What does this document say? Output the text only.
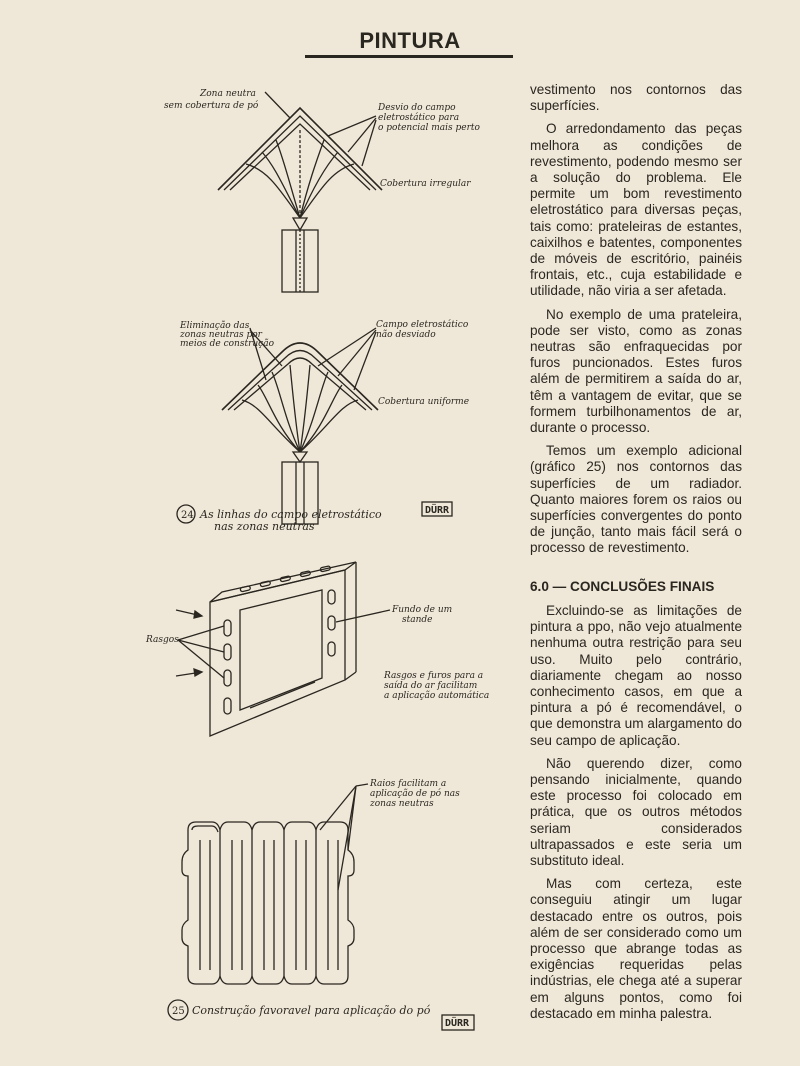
PINTURA
Zona neutra
sem cobertura de pó	Desvio do campo
eletrostático para
o potencial mais perto
Cobertura irregular
Eliminação das
zonas neutras por
meios de construção
Campo eletrostático
não desviado
Cobertura uniforme
24 As linhas do campo eletrostático
nas zonas neutras
DÜRR
Fundo de um
stande
Rasgos
Rasgos e furos para a
saída do ar facilitam
a aplicação automática
Raios facilitam a
aplicação de pó nas
zonas neutras
25 Construção favoravel para aplicação do pó
DÜRR

vestimento nos contornos das superfícies.

O arredondamento das peças melhora as condições de revestimento, podendo mesmo ser a solução do problema. Ele permite um bom revestimento eletrostático para diversas peças, tais como: prateleiras de estantes, caixilhos e batentes, componentes de móveis de escritório, painéis frontais, etc., cuja estabilidade e utilidade, não viria a ser afetada.

No exemplo de uma prateleira, pode ser visto, como as zonas neutras são enfraquecidas por furos puncionados. Estes furos além de permitirem a saída do ar, têm a vantagem de evitar, que se formem turbilhonamentos de ar, durante o processo.

Temos um exemplo adicional (gráfico 25) nos contornos das superfícies de um radiador. Quanto maiores forem os raios ou superfícies convergentes do ponto de junção, tanto mais fácil será o processo de revestimento.

6.0 — CONCLUSÕES FINAIS

Excluindo-se as limitações de pintura a ppo, não vejo atualmente nenhuma outra restrição para seu uso. Muito pelo contrário, diariamente chegam ao nosso conhecimento casos, em que a pintura a pó é recomendável, o que demonstra um alargamento do seu campo de aplicação.

Não querendo dizer, como pensando inicialmente, quando este processo foi colocado em prática, que os outros métodos seriam considerados ultrapassados e este seria um substituto ideal.

Mas com certeza, este conseguiu atingir um lugar destacado entre os outros, pois além de ser considerado como um processo que abrange todas as exigências requeridas pelas indústrias, ele chega até a superar em alguns pontos, como foi destacado em minha palestra.
